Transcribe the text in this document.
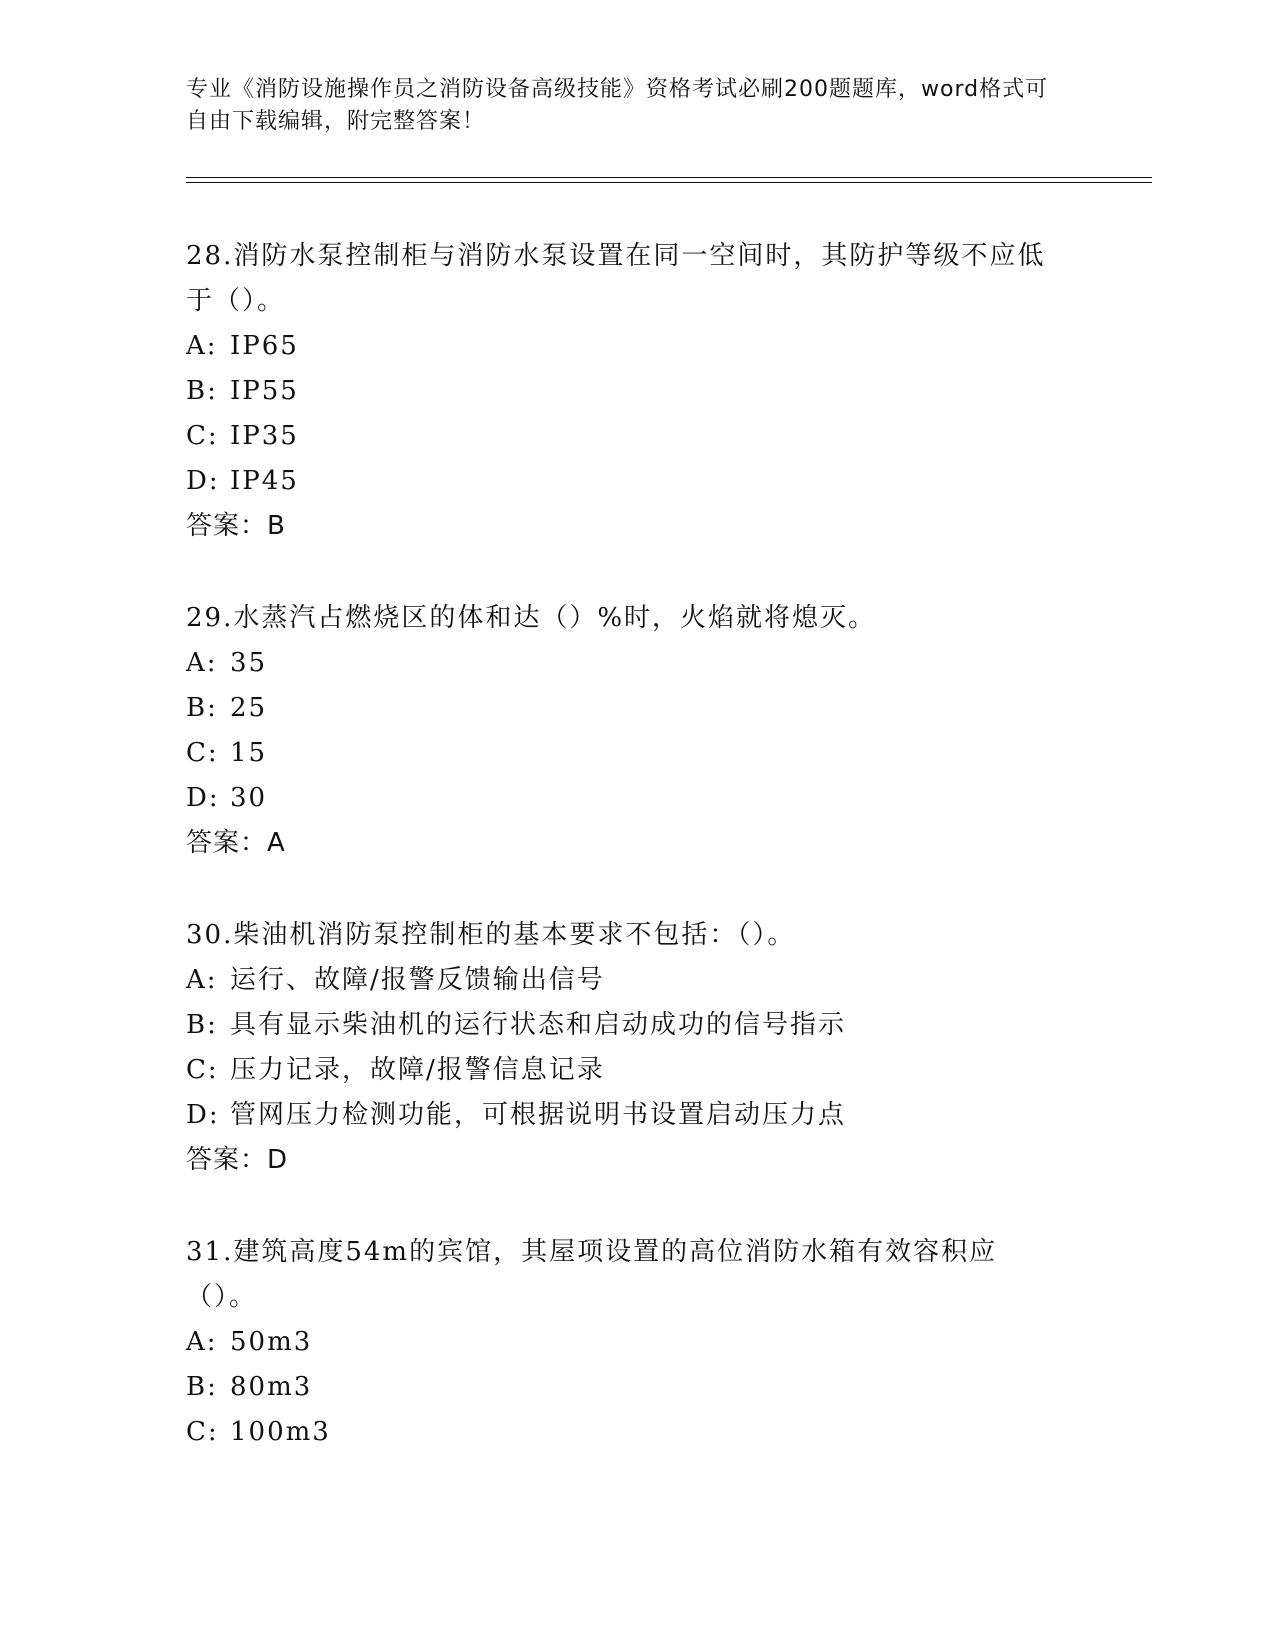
专业《消防设施操作员之消防设备高级技能》资格考试必刷200题题库，word格式可自由下载编辑，附完整答案！
28.消防水泵控制柜与消防水泵设置在同一空间时，其防护等级不应低于（）。
A: IP65
B: IP55
C: IP35
D: IP45
答案：B
29.水蒸汽占燃烧区的体和达（）%时，火焰就将熄灭。
A: 35
B: 25
C: 15
D: 30
答案：A
30.柴油机消防泵控制柜的基本要求不包括：（）。
A: 运行、故障/报警反馈输出信号
B: 具有显示柴油机的运行状态和启动成功的信号指示
C: 压力记录，故障/报警信息记录
D: 管网压力检测功能，可根据说明书设置启动压力点
答案：D
31.建筑高度54m的宾馆，其屋项设置的高位消防水箱有效容积应（）。
A: 50m3
B: 80m3
C: 100m3
